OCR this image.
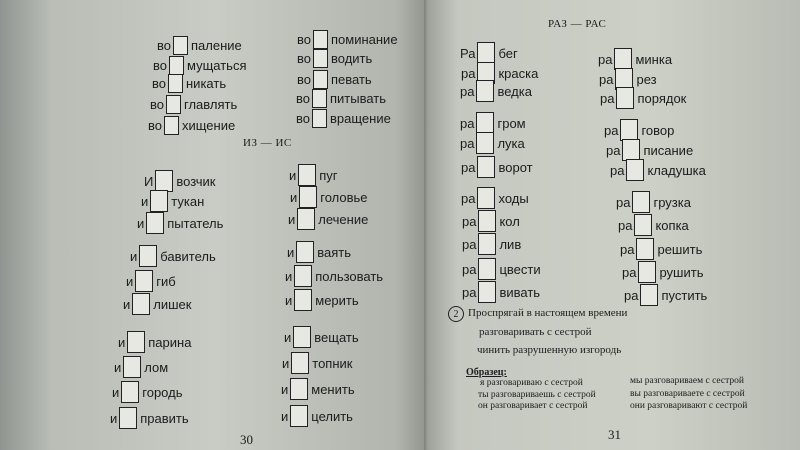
во паление
во мущаться
во никать
во главлять
во хищение
во поминание
во водить
во певать
во питывать
во вращение
ИЗ — ИС
И возчик
и тукан
и пытатель
и бавитель
и гиб
и лишек
и парина
и лом
и городь
и править
и пуг
и головье
и лечение
и ваять
и пользовать
и мерить
и вещать
и топник
и менить
и целить
30
РАЗ — РАС
Ра бег
ра краска
ра ведка
ра гром
ра лука
ра ворот
ра ходы
ра кол
ра лив
ра цвести
ра вивать
ра минка
ра рез
ра порядок
ра говор
ра писание
ра кладушка
ра грузка
ра копка
ра решить
ра рушить
ра пустить
2 Проспрягай в настоящем времени
разговаривать с сестрой
чинить разрушенную изгородь
Образец:
я разговариваю с сестрой
ты разговариваешь с сестрой
он разговаривает с сестрой
мы разговариваем с сестрой
вы разговариваете с сестрой
они разговаривают с сестрой
31
